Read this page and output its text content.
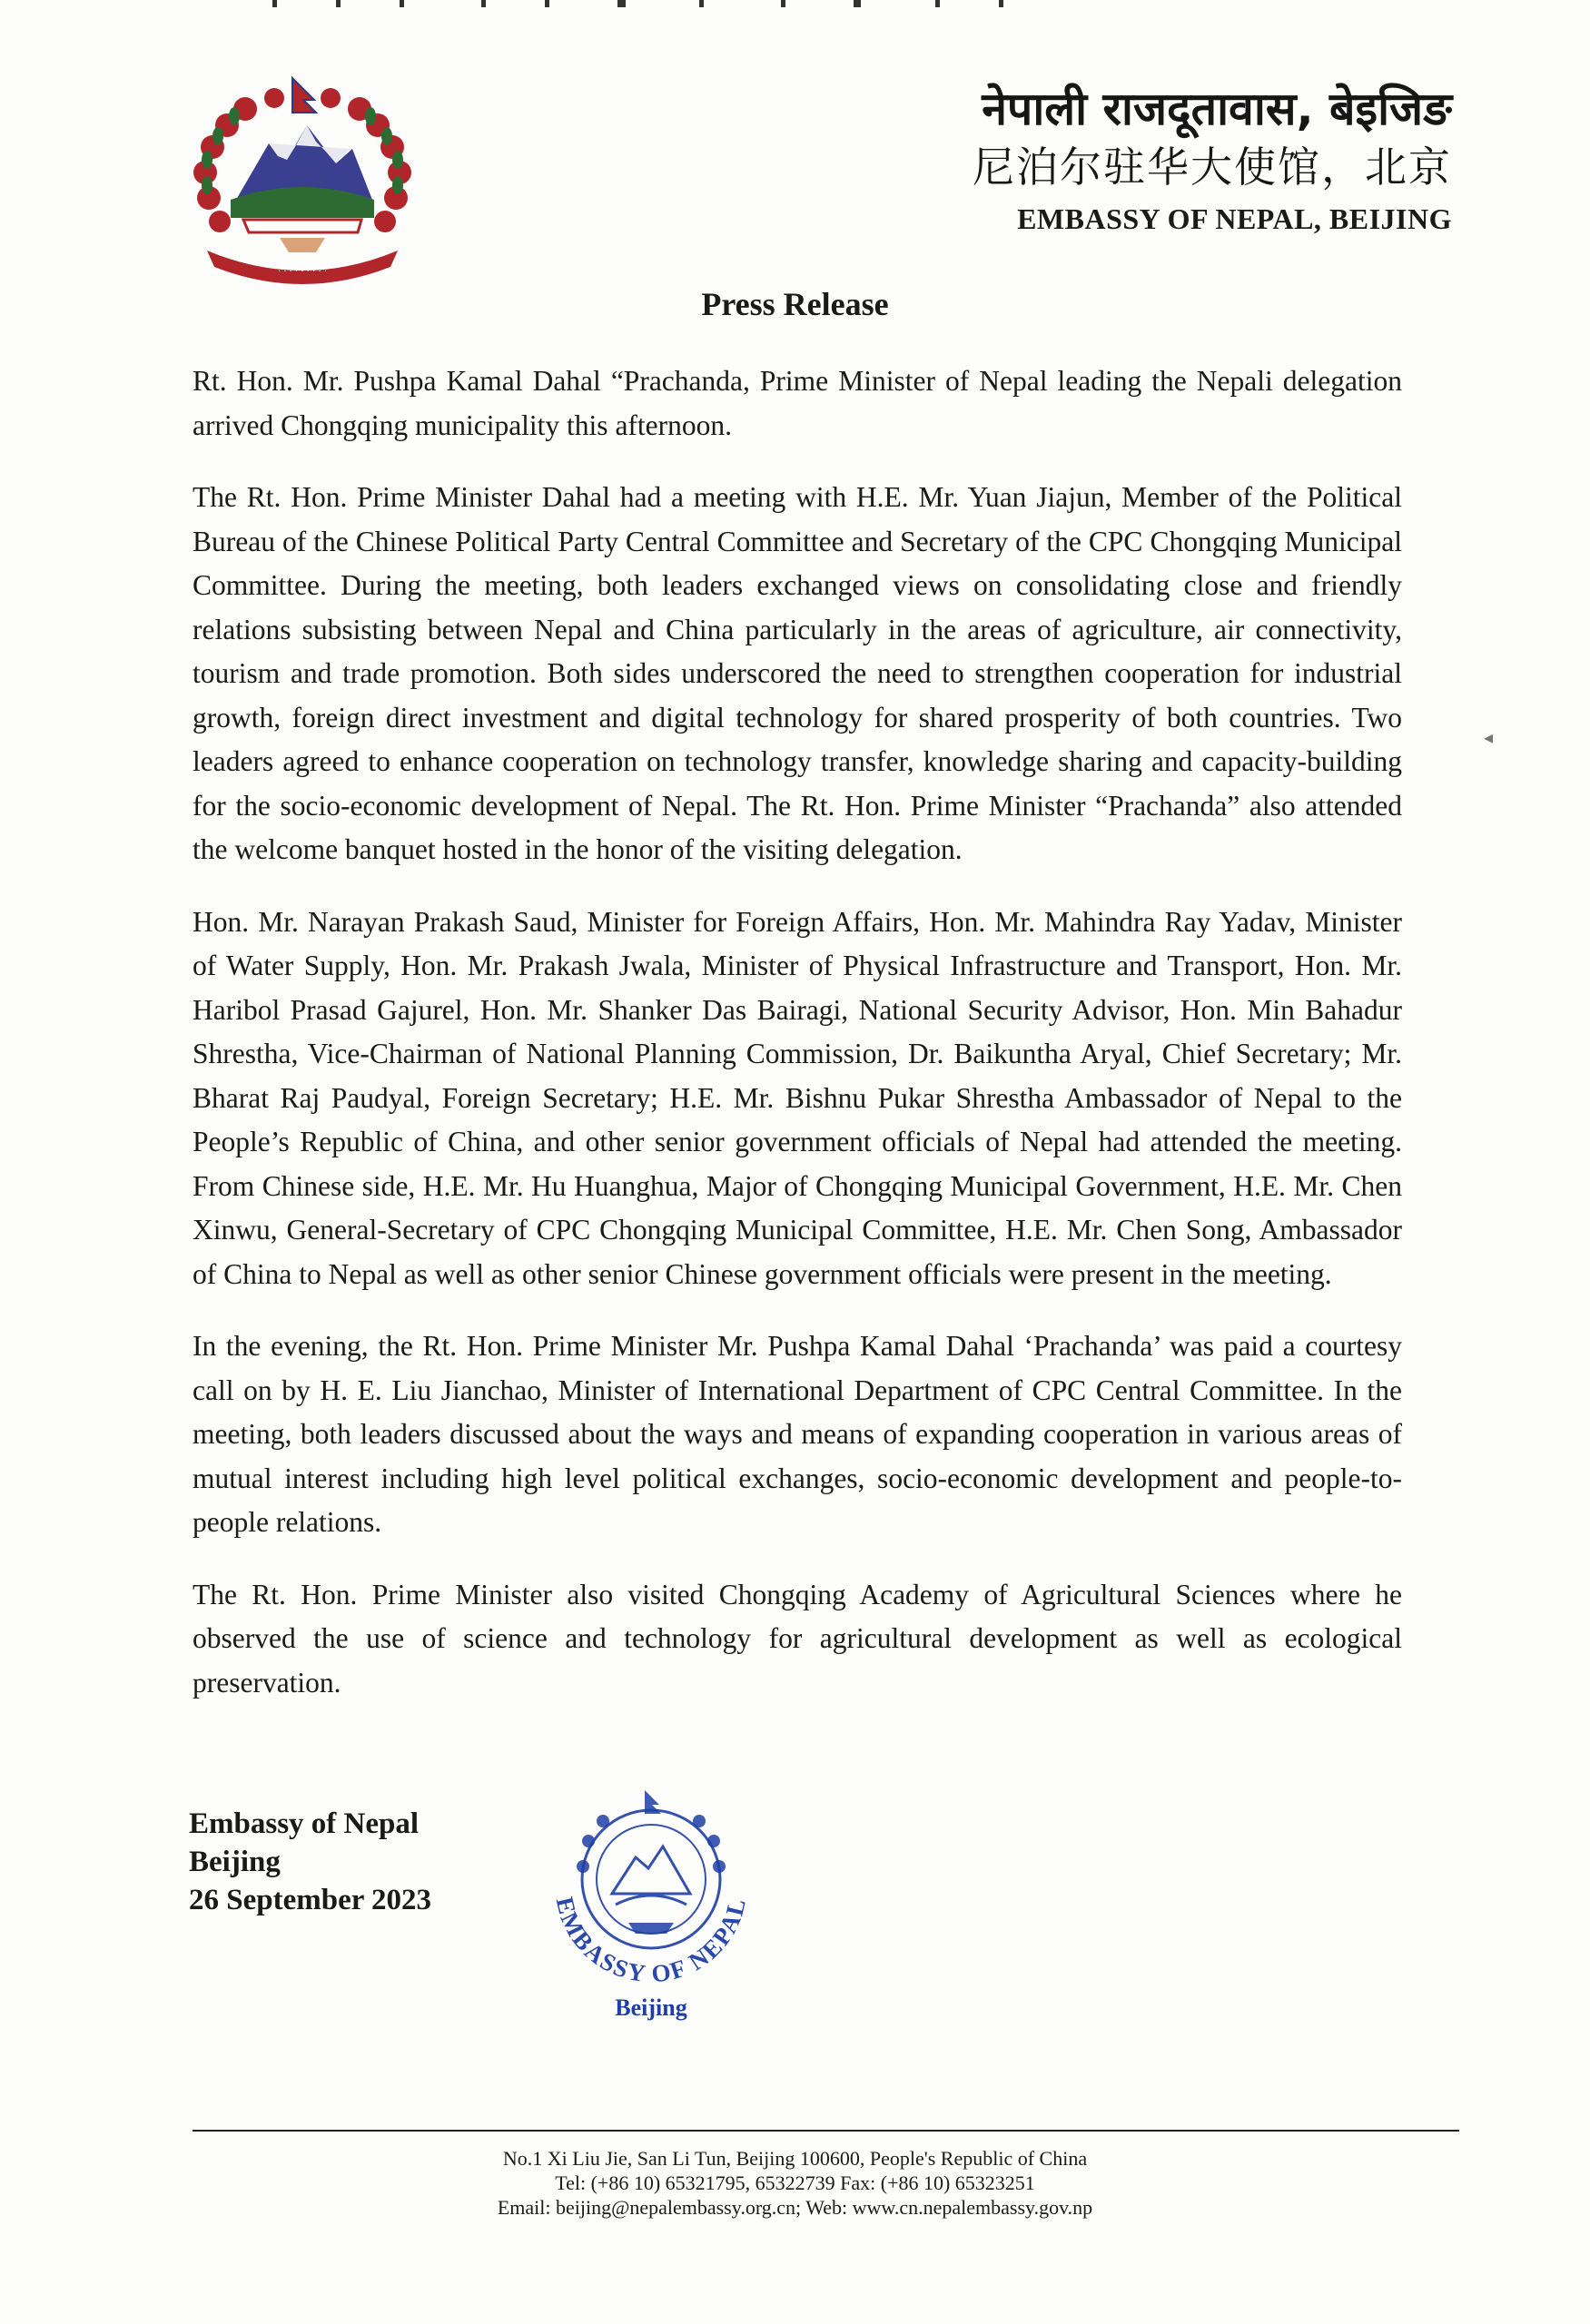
· · · · · · · · ·
नेपाली राजदूतावास, बेइजिङ
尼泊尔驻华大使馆，北京
EMBASSY OF NEPAL, BEIJING
Press Release

Rt. Hon. Mr. Pushpa Kamal Dahal “Prachanda, Prime Minister of Nepal leading the Nepali delegation arrived Chongqing municipality this afternoon.

The Rt. Hon. Prime Minister Dahal had a meeting with H.E. Mr. Yuan Jiajun, Member of the Political Bureau of the Chinese Political Party Central Committee and Secretary of the CPC Chongqing Municipal Committee. During the meeting, both leaders exchanged views on consolidating close and friendly relations subsisting between Nepal and China particularly in the areas of agriculture, air connectivity, tourism and trade promotion. Both sides underscored the need to strengthen cooperation for industrial growth, foreign direct investment and digital technology for shared prosperity of both countries. Two leaders agreed to enhance cooperation on technology transfer, knowledge sharing and capacity-building for the socio-economic development of Nepal. The Rt. Hon. Prime Minister “Prachanda” also attended the welcome banquet hosted in the honor of the visiting delegation.

Hon. Mr. Narayan Prakash Saud, Minister for Foreign Affairs, Hon. Mr. Mahindra Ray Yadav, Minister of Water Supply, Hon. Mr. Prakash Jwala, Minister of Physical Infrastructure and Transport, Hon. Mr. Haribol Prasad Gajurel, Hon. Mr. Shanker Das Bairagi, National Security Advisor, Hon. Min Bahadur Shrestha, Vice-Chairman of National Planning Commission, Dr. Baikuntha Aryal, Chief Secretary; Mr. Bharat Raj Paudyal, Foreign Secretary; H.E. Mr. Bishnu Pukar Shrestha Ambassador of Nepal to the People’s Republic of China, and other senior government officials of Nepal had attended the meeting. From Chinese side, H.E. Mr. Hu Huanghua, Major of Chongqing Municipal Government, H.E. Mr. Chen Xinwu, General-Secretary of CPC Chongqing Municipal Committee, H.E. Mr. Chen Song, Ambassador of China to Nepal as well as other senior Chinese government officials were present in the meeting.

In the evening, the Rt. Hon. Prime Minister Mr. Pushpa Kamal Dahal ‘Prachanda’ was paid a courtesy call on by H. E. Liu Jianchao, Minister of International Department of CPC Central Committee. In the meeting, both leaders discussed about the ways and means of expanding cooperation in various areas of mutual interest including high level political exchanges, socio-economic development and people-to-people relations.

The Rt. Hon. Prime Minister also visited Chongqing Academy of Agricultural Sciences where he observed the use of science and technology for agricultural development as well as ecological preservation.

Embassy of Nepal
Beijing
26 September 2023	EMBASSY OF NEPAL
Beijing
No.1 Xi Liu Jie, San Li Tun, Beijing 100600, People's Republic of China
Tel: (+86 10) 65321795, 65322739 Fax: (+86 10) 65323251
Email: beijing@nepalembassy.org.cn; Web: www.cn.nepalembassy.gov.np
◂
